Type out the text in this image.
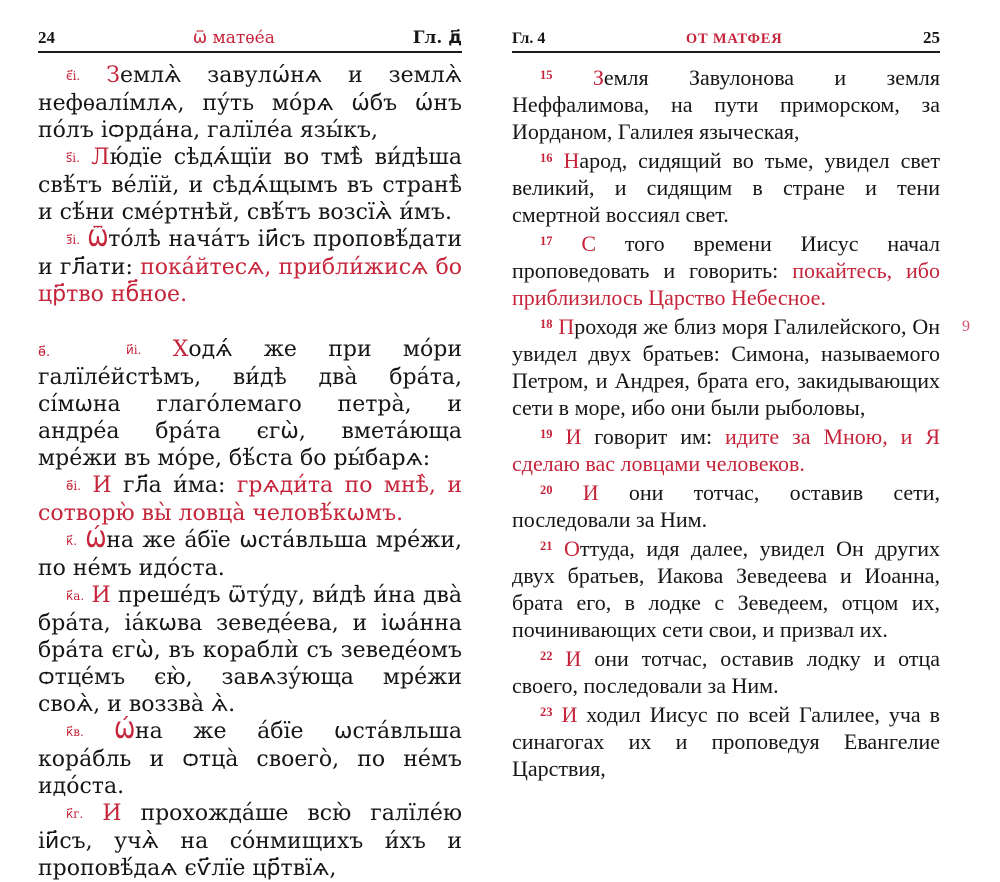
24	ѿ матѳе́а	Гл. д҃

є҃і. Землѧ̀ завулѡ́нѧ и землѧ̀ нефѳалі́млѧ, пу́ть мо́рѧ ѡ́бъ ѡ́нъ по́лъ іѻрда́на, галїле́а язы́къ,

ѕ҃і. Лю́дїе сѣдѧ́щїи во тмѣ̀ ви́дѣша свѣ́тъ ве́лїй, и сѣдѧ́щымъ въ странѣ̀ и сѣ́ни сме́ртнѣй, свѣ́тъ возсїѧ̀ и́мъ.

з҃і. Ѿто́лѣ нача́тъ іи҃съ проповѣ́дати и гл҃ати: пока́йтесѧ, прибли́жисѧ бо цр҃тво нб҃ное.

ѳ҃.	и҃і. Ходѧ́ же при мо́ри галїле́йстѣмъ, ви́дѣ два̀ бра́та, сі́мѡна глаго́лемаго петра̀, и андре́а бра́та єгѡ̀, вмета́юща мре́жи въ мо́ре, бѣ́ста бо ры́барѧ:

ѳ҃і. И гл҃а и́ма: грѧди́та по мнѣ̀, и сотворю̀ вы̀ ловца̀ человѣ́кѡмъ.

к҃. Ѡ́на же а́бїе ѡста́вльша мре́жи, по не́мъ идо́ста.

к҃а. И преше́дъ ѿту́ду, ви́дѣ и́на два̀ бра́та, іа́кѡва зеведе́ева, и іѡа́нна бра́та єгѡ̀, въ кораблѝ съ зеведе́омъ ѻтце́мъ єю̀, завѧзу́юща мре́жи своѧ̀, и воззва̀ ѧ̀.

к҃в. Ѡ́на же а́бїе ѡста́вльша кора́бль и ѻтца̀ своего̀, по не́мъ идо́ста.

к҃г. И прохожда́ше всю̀ галїле́ю іи҃съ, учѧ̀ на со́нмищихъ и́хъ и проповѣ́даѧ єѵ҃лїе цр҃твїѧ,

Гл. 4	ОТ МАТФЕЯ	25

$^{15}$ Земля Завулонова и земля Неффалимова, на пути приморском, за Иорданом, Галилея языческая,

$^{16}$ Народ, сидящий во тьме, увидел свет великий, и сидящим в стране и тени смертной воссиял свет.

$^{17}$ С того времени Иисус начал проповедовать и говорить: покайтесь, ибо приблизилось Царство Небесное.

$^{18}$ Проходя же близ моря Галилейского, Он увидел двух братьев: Симона, называемого Петром, и Андрея, брата его, закидывающих сети в море, ибо они были рыболовы,
9

$^{19}$ И говорит им: идите за Мною, и Я сделаю вас ловцами человеков.

$^{20}$ И они тотчас, оставив сети, последовали за Ним.

$^{21}$ Оттуда, идя далее, увидел Он других двух братьев, Иакова Зеведеева и Иоанна, брата его, в лодке с Зеведеем, отцом их, починивающих сети свои, и призвал их.

$^{22}$ И они тотчас, оставив лодку и отца своего, последовали за Ним.

$^{23}$ И ходил Иисус по всей Галилее, уча в синагогах их и проповедуя Евангелие Царствия,
